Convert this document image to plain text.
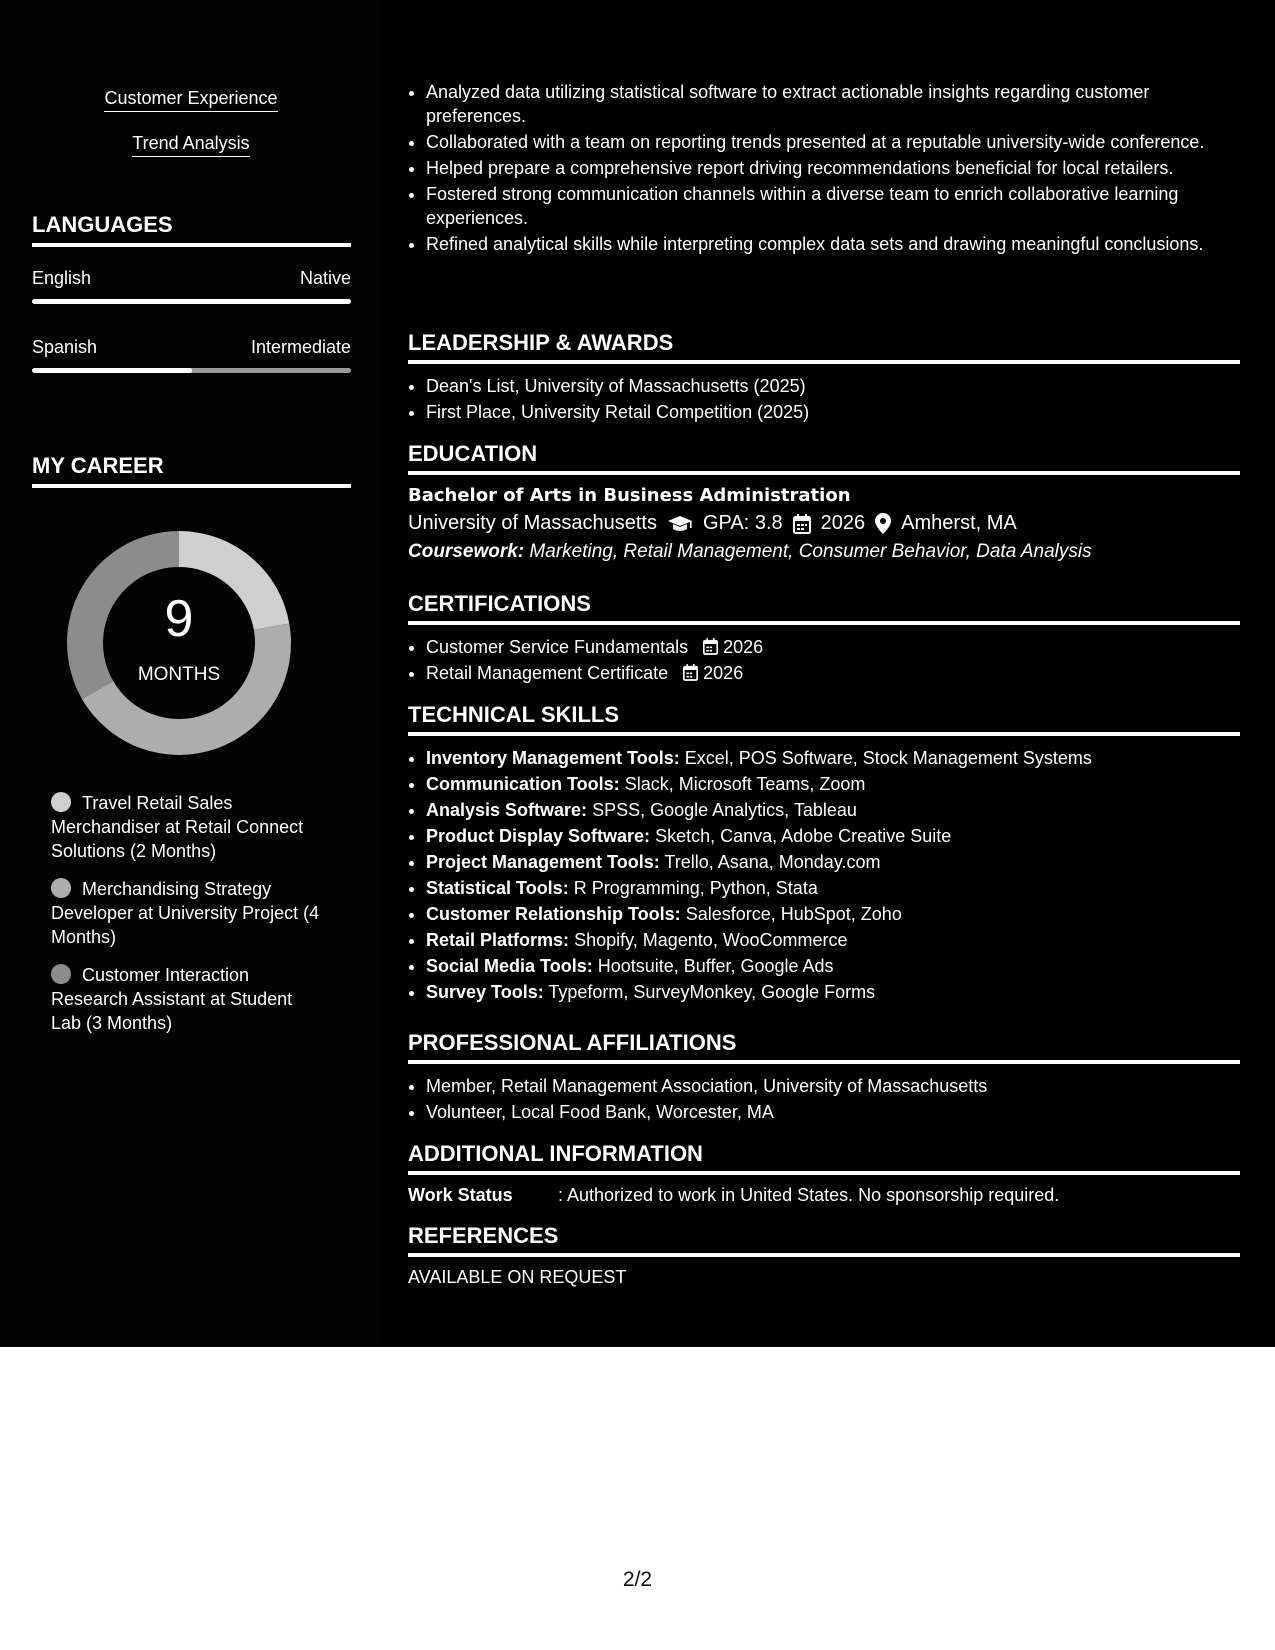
Customer Experience
Trend Analysis
LANGUAGES
English	Native
Spanish	Intermediate
MY CAREER
9
MONTHS
Travel Retail Sales Merchandiser at Retail Connect Solutions (2 Months)
Merchandising Strategy Developer at University Project (4 Months)
Customer Interaction Research Assistant at Student Lab (3 Months)
• Analyzed data utilizing statistical software to extract actionable insights regarding customer preferences.
• Collaborated with a team on reporting trends presented at a reputable university-wide conference.
• Helped prepare a comprehensive report driving recommendations beneficial for local retailers.
• Fostered strong communication channels within a diverse team to enrich collaborative learning experiences.
• Refined analytical skills while interpreting complex data sets and drawing meaningful conclusions.
LEADERSHIP & AWARDS
• Dean's List, University of Massachusetts (2025)
• First Place, University Retail Competition (2025)
EDUCATION
Bachelor of Arts in Business Administration
University of Massachusetts GPA: 3.8 2026 Amherst, MA
Coursework: Marketing, Retail Management, Consumer Behavior, Data Analysis
CERTIFICATIONS
• Customer Service Fundamentals 2026
• Retail Management Certificate 2026
TECHNICAL SKILLS
• Inventory Management Tools: Excel, POS Software, Stock Management Systems
• Communication Tools: Slack, Microsoft Teams, Zoom
• Analysis Software: SPSS, Google Analytics, Tableau
• Product Display Software: Sketch, Canva, Adobe Creative Suite
• Project Management Tools: Trello, Asana, Monday.com
• Statistical Tools: R Programming, Python, Stata
• Customer Relationship Tools: Salesforce, HubSpot, Zoho
• Retail Platforms: Shopify, Magento, WooCommerce
• Social Media Tools: Hootsuite, Buffer, Google Ads
• Survey Tools: Typeform, SurveyMonkey, Google Forms
PROFESSIONAL AFFILIATIONS
• Member, Retail Management Association, University of Massachusetts
• Volunteer, Local Food Bank, Worcester, MA
ADDITIONAL INFORMATION
Work Status	: Authorized to work in United States. No sponsorship required.
REFERENCES
AVAILABLE ON REQUEST
2/2
